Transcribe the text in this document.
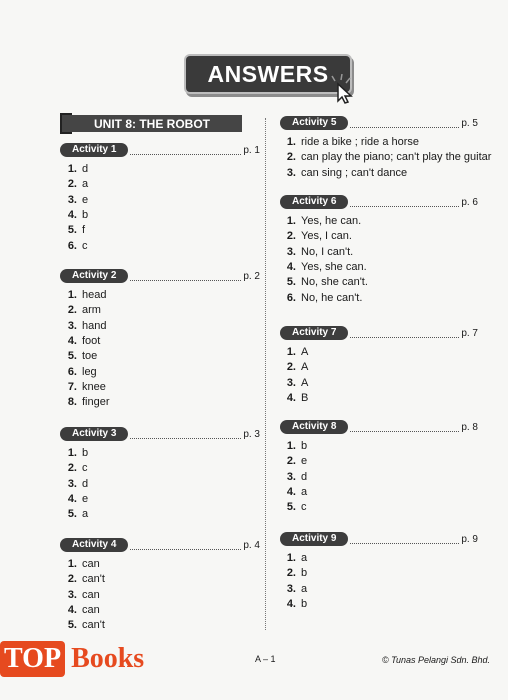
ANSWERS
UNIT 8: THE ROBOT
Activity 1	p. 1
1. d
2. a
3. e
4. b
5. f
6. c
Activity 2	p. 2
1. head
2. arm
3. hand
4. foot
5. toe
6. leg
7. knee
8. finger
Activity 3	p. 3
1. b
2. c
3. d
4. e
5. a
Activity 4	p. 4
1. can
2. can't
3. can
4. can
5. can't
Activity 5	p. 5
1. ride a bike ; ride a horse
2. can play the piano; can't play the guitar
3. can sing ; can't dance
Activity 6	p. 6
1. Yes, he can.
2. Yes, I can.
3. No, I can't.
4. Yes, she can.
5. No, she can't.
6. No, he can't.
Activity 7	p. 7
1. A
2. A
3. A
4. B
Activity 8	p. 8
1. b
2. e
3. d
4. a
5. c
Activity 9	p. 9
1. a
2. b
3. a
4. b
A – 1	© Tunas Pelangi Sdn. Bhd.
TOP Books
